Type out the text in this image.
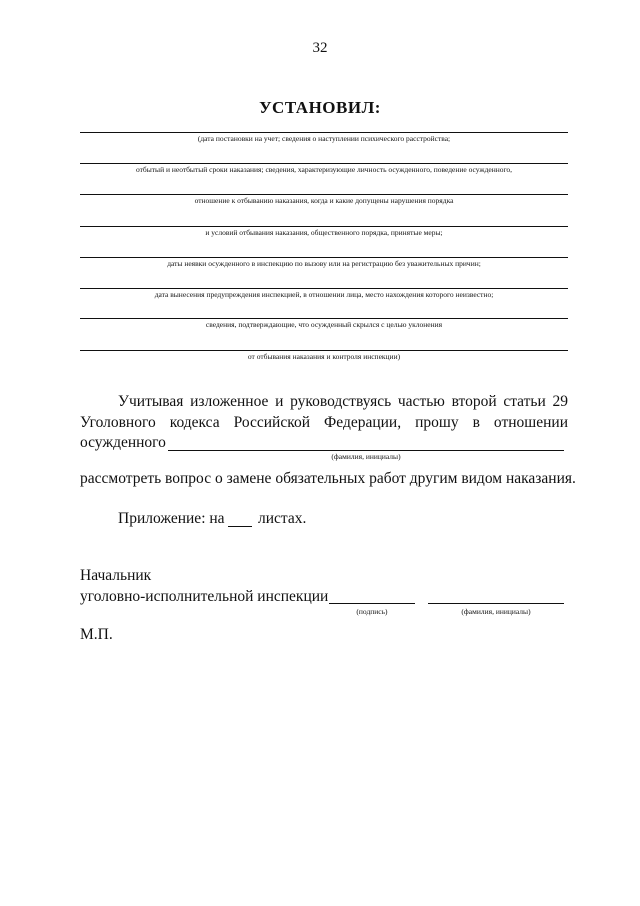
32
УСТАНОВИЛ:
(дата постановки на учет; сведения о наступлении психического расстройства;
отбытый и неотбытый сроки наказания; сведения, характеризующие личность осужденного, поведение осужденного,
отношение к отбыванию наказания, когда и какие допущены нарушения порядка
и условий отбывания наказания, общественного порядка, принятые меры;
даты неявки осужденного в инспекцию по вызову или на регистрацию без уважительных причин;
дата вынесения предупреждения инспекцией, в отношении лица, место нахождения которого неизвестно;
сведения, подтверждающие, что осужденный скрылся с целью уклонения
от отбывания наказания и контроля инспекции)
Учитывая изложенное и руководствуясь частью второй статьи 29
Уголовного кодекса Российской Федерации, прошу в отношении
осужденного
(фамилия, инициалы)
рассмотреть вопрос о замене обязательных работ другим видом наказания.
Приложение: на листах.
Начальник
уголовно-исполнительной инспекции
(подпись)	(фамилия, инициалы)
М.П.
